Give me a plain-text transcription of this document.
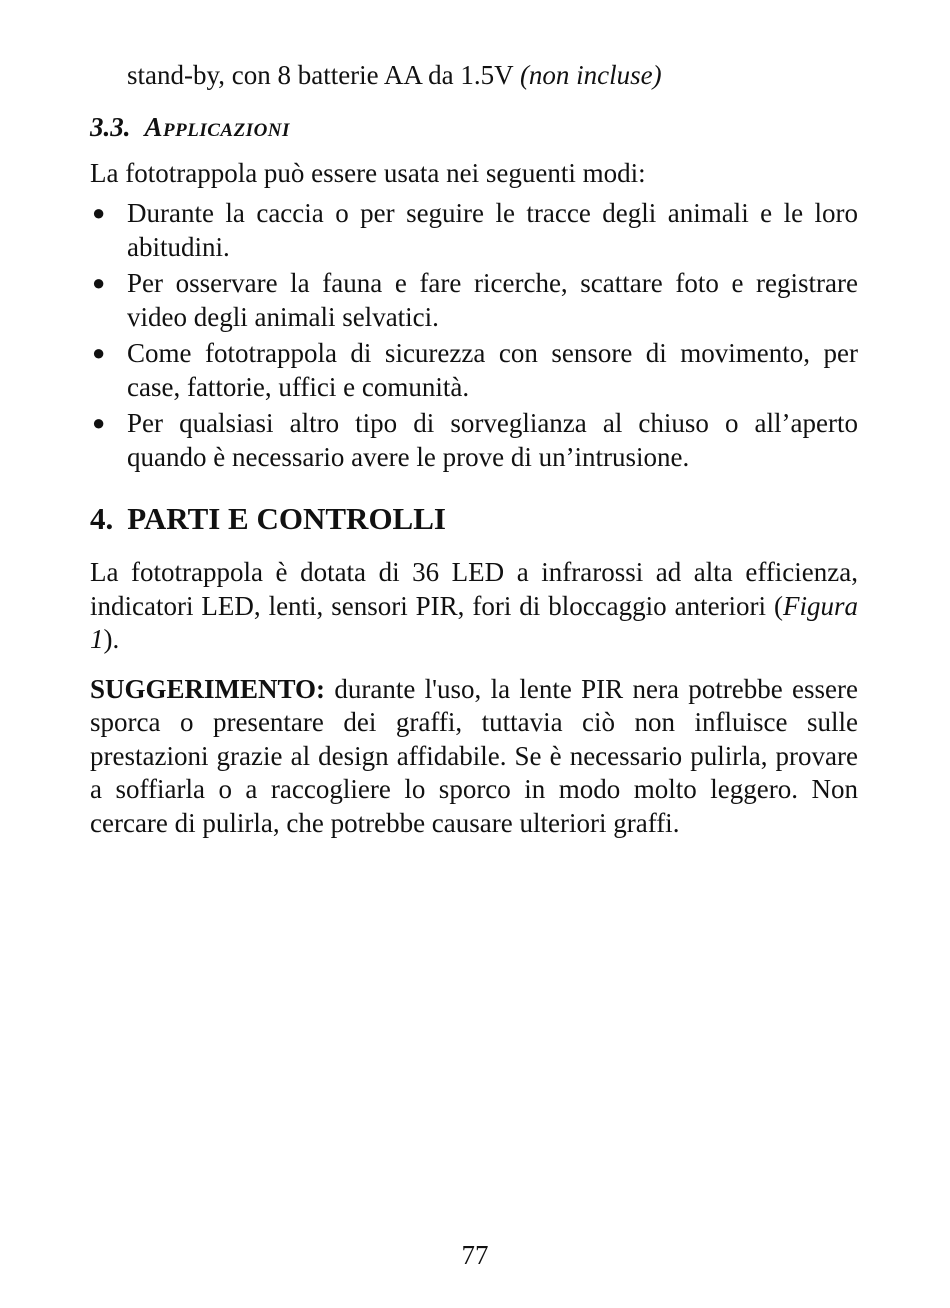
stand-by, con 8 batterie AA da 1.5V (non incluse)

3.3. Applicazioni

La fototrappola può essere usata nei seguenti modi:

● Durante la caccia o per seguire le tracce degli animali e le loro abitudini.
● Per osservare la fauna e fare ricerche, scattare foto e registrare video degli animali selvatici.
● Come fototrappola di sicurezza con sensore di movimento, per case, fattorie, uffici e comunità.
● Per qualsiasi altro tipo di sorveglianza al chiuso o all’aperto quando è necessario avere le prove di un’intrusione.
4. PARTI E CONTROLLI

La fototrappola è dotata di 36 LED a infrarossi ad alta efficienza, indicatori LED, lenti, sensori PIR, fori di bloccaggio anteriori (Figura 1).

SUGGERIMENTO: durante l'uso, la lente PIR nera potrebbe essere sporca o presentare dei graffi, tuttavia ciò non influisce sulle prestazioni grazie al design affidabile. Se è necessario pulirla, provare a soffiarla o a raccogliere lo sporco in modo molto leggero. Non cercare di pulirla, che potrebbe causare ulteriori graffi.

77
